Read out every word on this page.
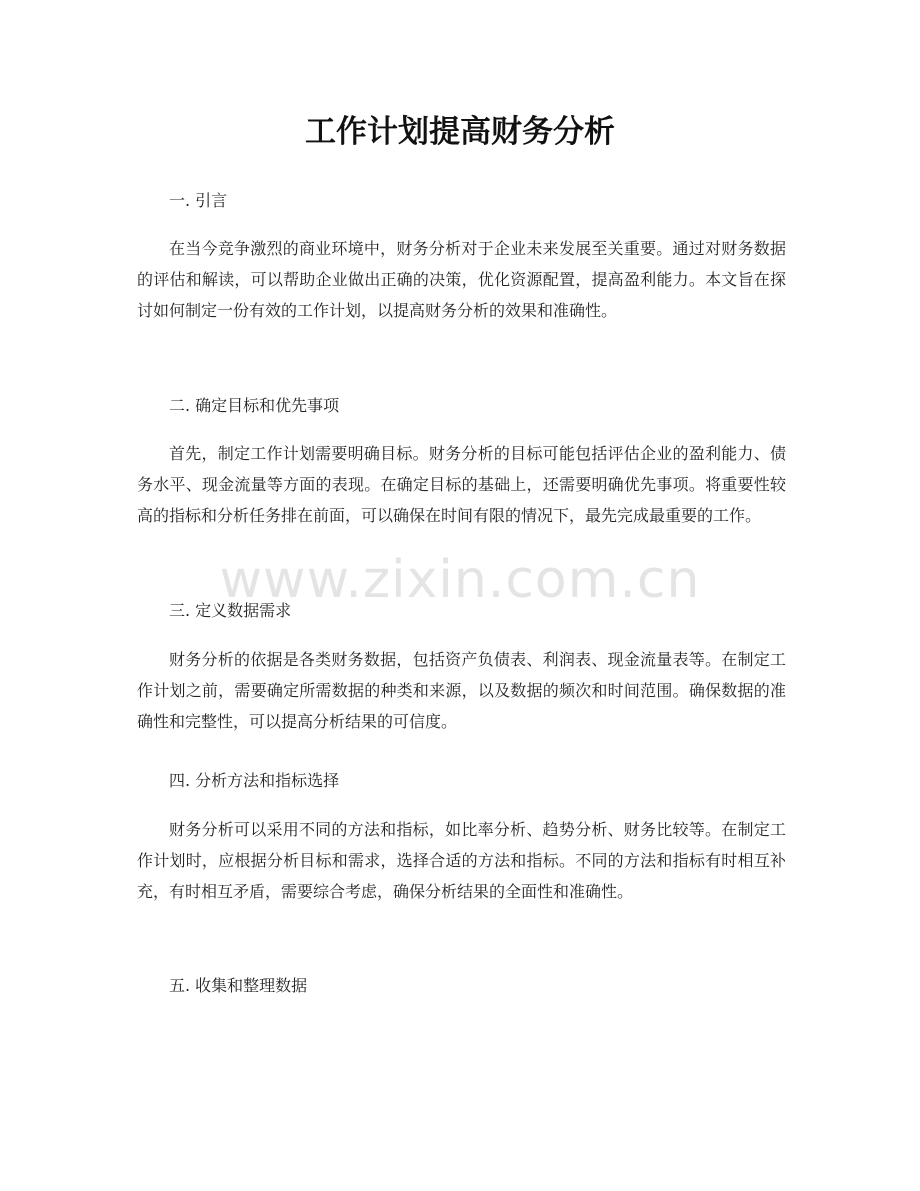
工作计划提高财务分析

一. 引言

在当今竞争激烈的商业环境中，财务分析对于企业未来发展至关重要。通过对财务数据的评估和解读，可以帮助企业做出正确的决策，优化资源配置，提高盈利能力。本文旨在探讨如何制定一份有效的工作计划，以提高财务分析的效果和准确性。

二. 确定目标和优先事项

首先，制定工作计划需要明确目标。财务分析的目标可能包括评估企业的盈利能力、债务水平、现金流量等方面的表现。在确定目标的基础上，还需要明确优先事项。将重要性较高的指标和分析任务排在前面，可以确保在时间有限的情况下，最先完成最重要的工作。

三. 定义数据需求

财务分析的依据是各类财务数据，包括资产负债表、利润表、现金流量表等。在制定工作计划之前，需要确定所需数据的种类和来源，以及数据的频次和时间范围。确保数据的准确性和完整性，可以提高分析结果的可信度。

四. 分析方法和指标选择

财务分析可以采用不同的方法和指标，如比率分析、趋势分析、财务比较等。在制定工作计划时，应根据分析目标和需求，选择合适的方法和指标。不同的方法和指标有时相互补充，有时相互矛盾，需要综合考虑，确保分析结果的全面性和准确性。

五. 收集和整理数据

www.zixin.com.cn
